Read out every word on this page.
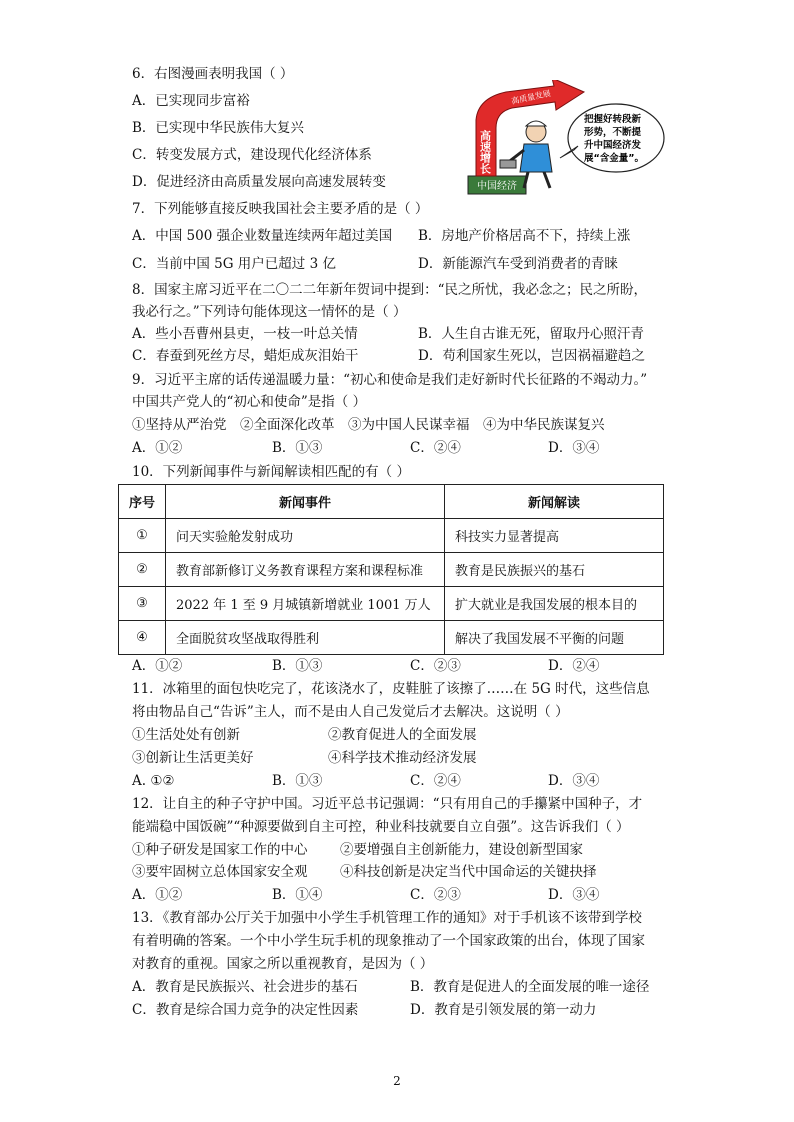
6．右图漫画表明我国（ ）
A．已实现同步富裕
B．已实现中华民族伟大复兴
C．转变发展方式，建设现代化经济体系
D．促进经济由高质量发展向高速发展转变	中国经济
高速增长
高质量发展
把握好转段新
形势，不断提
升中国经济发
展“含金量”。
7．下列能够直接反映我国社会主要矛盾的是（ ）
A．中国 500 强企业数量连续两年超过美国 B．房地产价格居高不下，持续上涨
C．当前中国 5G 用户已超过 3 亿	D．新能源汽车受到消费者的青睐
8．国家主席习近平在二〇二二年新年贺词中提到：“民之所忧，我必念之；民之所盼，
我必行之。”下列诗句能体现这一情怀的是（ ）
A．些小吾曹州县吏，一枝一叶总关情	B．人生自古谁无死，留取丹心照汗青
C．春蚕到死丝方尽，蜡炬成灰泪始干	D．苟利国家生死以，岂因祸福避趋之
9．习近平主席的话传递温暖力量：“初心和使命是我们走好新时代长征路的不竭动力。”
中国共产党人的“初心和使命”是指（ ）
①坚持从严治党　②全面深化改革　③为中国人民谋幸福　④为中华民族谋复兴
A．①②	B．①③	C．②④	D．③④
10．下列新闻事件与新闻解读相匹配的有（ ）
序号	新闻事件	新闻解读
①	问天实验舱发射成功	科技实力显著提高
②	教育部新修订义务教育课程方案和课程标准	教育是民族振兴的基石
③	2022 年 1 至 9 月城镇新增就业 1001 万人	扩大就业是我国发展的根本目的
④	全面脱贫攻坚战取得胜利	解决了我国发展不平衡的问题
A．①②	B．①③	C．②③	D．②④
11．冰箱里的面包快吃完了，花该浇水了，皮鞋脏了该擦了……在 5G 时代，这些信息
将由物品自己“告诉”主人，而不是由人自己发觉后才去解决。这说明（ ）
①生活处处有创新	②教育促进人的全面发展
③创新让生活更美好	④科学技术推动经济发展
A. ①②	B．①③	C．②④	D．③④
12．让自主的种子守护中国。习近平总书记强调：“只有用自己的手攥紧中国种子，才
能端稳中国饭碗”“种源要做到自主可控，种业科技就要自立自强”。这告诉我们（ ）
①种子研发是国家工作的中心 ②要增强自主创新能力，建设创新型国家
③要牢固树立总体国家安全观 ④科技创新是决定当代中国命运的关键抉择
A．①②	B．①④	C．②③	D．③④
13．《教育部办公厅关于加强中小学生手机管理工作的通知》对于手机该不该带到学校
有着明确的答案。一个中小学生玩手机的现象推动了一个国家政策的出台，体现了国家
对教育的重视。国家之所以重视教育，是因为（ ）
A．教育是民族振兴、社会进步的基石	B．教育是促进人的全面发展的唯一途径
C．教育是综合国力竞争的决定性因素	D．教育是引领发展的第一动力
2
